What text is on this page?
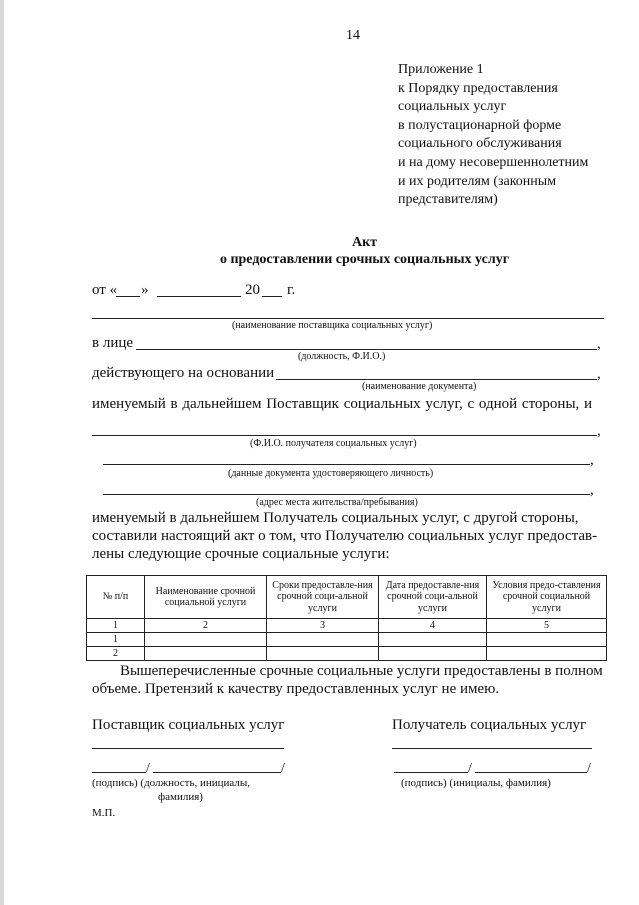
14
Приложение 1
к Порядку предоставления
социальных услуг
в полустационарной форме
социального обслуживания
и на дому несовершеннолетним
и их родителям (законным
представителям)
Акт
о предоставлении срочных социальных услуг
от « »	20 г.
(наименование поставщика социальных услуг)
в лице	,
(должность, Ф.И.О.)
действующего на основании	,
(наименование документа)
именуемый в дальнейшем Поставщик социальных услуг, с одной стороны, и
,
(Ф.И.О. получателя социальных услуг)
,
(данные документа удостоверяющего личность)
,
(адрес места жительства/пребывания)
именуемый в дальнейшем Получатель социальных услуг, с другой стороны,
составили настоящий акт о том, что Получателю социальных услуг предостав-
лены следующие срочные социальные услуги:
№ п/п	Наименование срочной социальной услуги	Сроки предоставле-ния срочной соци-альной услуги	Дата предоставле-ния срочной соци-альной услуги	Условия предо-ставления срочной социальной услуги
1	2	3	4	5
1				
2				
Вышеперечисленные срочные социальные услуги предоставлены в полном
объеме. Претензий к качеству предоставленных услуг не имею.
Поставщик социальных услуг
/	/
(подпись) (должность, инициалы,
фамилия)
М.П.
Получатель социальных услуг
/	/
(подпись) (инициалы, фамилия)
